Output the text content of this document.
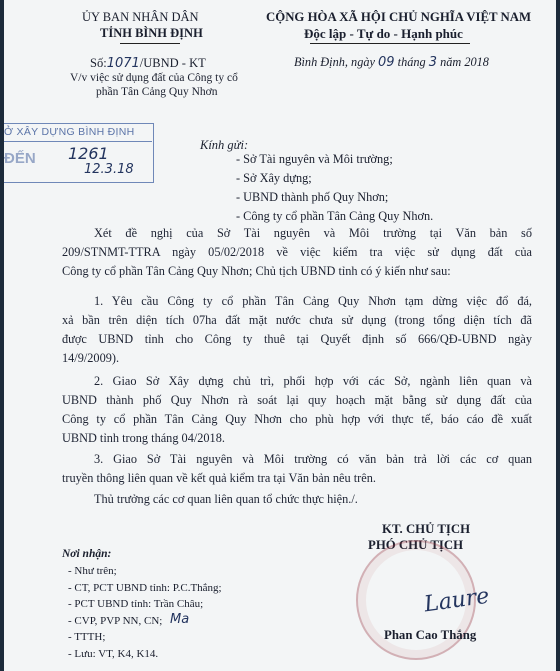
ỦY BAN NHÂN DÂN
TỈNH BÌNH ĐỊNH
CỘNG HÒA XÃ HỘI CHỦ NGHĨA VIỆT NAM
Độc lập - Tự do - Hạnh phúc
Số:1071/UBND - KT
V/v việc sử dụng đất của Công ty cổ
phần Tân Cảng Quy Nhơn
Bình Định, ngày 09 tháng 3 năm 2018
Ở XÂY DỰNG BÌNH ĐỊNH
ĐẾN 1261
12.3.18
Kính gửi:
- Sở Tài nguyên và Môi trường;
- Sở Xây dựng;
- UBND thành phố Quy Nhơn;
- Công ty cổ phần Tân Cảng Quy Nhơn.
Xét đề nghị của Sở Tài nguyên và Môi trường tại Văn bản số
209/STNMT-TTRA ngày 05/02/2018 về việc kiểm tra việc sử dụng đất của
Công ty cổ phần Tân Cảng Quy Nhơn; Chủ tịch UBND tỉnh có ý kiến như sau:
1. Yêu cầu Công ty cổ phần Tân Cảng Quy Nhơn tạm dừng việc đổ đá,
xả bần trên diện tích 07ha đất mặt nước chưa sử dụng (trong tổng diện tích đã
được UBND tỉnh cho Công ty thuê tại Quyết định số 666/QĐ-UBND ngày
14/9/2009).
2. Giao Sở Xây dựng chủ trì, phối hợp với các Sở, ngành liên quan và
UBND thành phố Quy Nhơn rà soát lại quy hoạch mặt bằng sử dụng đất của
Công ty cổ phần Tân Cảng Quy Nhơn cho phù hợp với thực tế, báo cáo đề xuất
UBND tỉnh trong tháng 04/2018.
3. Giao Sở Tài nguyên và Môi trường có văn bản trả lời các cơ quan
truyền thông liên quan về kết quả kiểm tra tại Văn bản nêu trên.
Thủ trưởng các cơ quan liên quan tổ chức thực hiện./.
KT. CHỦ TỊCH
PHÓ CHỦ TỊCH
Laure
Phan Cao Thắng
Nơi nhận:
- Như trên;
- CT, PCT UBND tỉnh: P.C.Thắng;
- PCT UBND tỉnh: Trần Châu;
- CVP, PVP NN, CN;
- TTTH;
- Lưu: VT, K4, K14.
Ma
